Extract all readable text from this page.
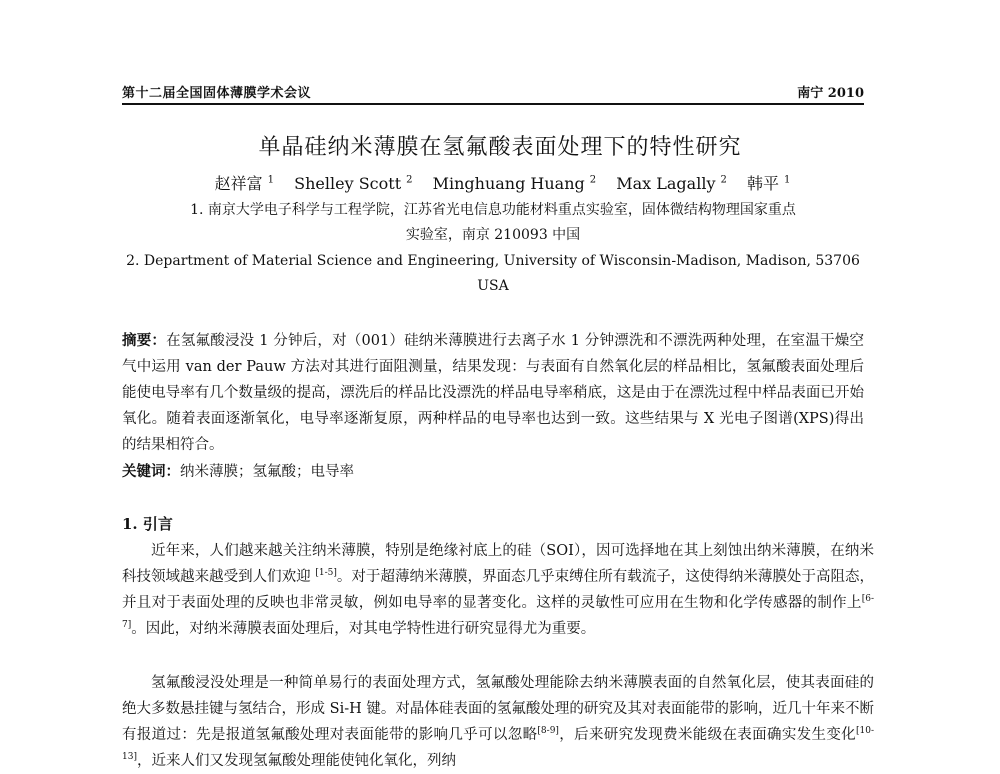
第十二届全国固体薄膜学术会议	南宁 2010
单晶硅纳米薄膜在氢氟酸表面处理下的特性研究
赵祥富 $^1$ Shelley Scott $^2$ Minghuang Huang $^2$ Max Lagally $^2$ 韩平 $^1$
1. 南京大学电子科学与工程学院，江苏省光电信息功能材料重点实验室，固体微结构物理国家重点
实验室，南京 210093 中国
2. Department of Material Science and Engineering, University of Wisconsin-Madison, Madison, 53706
USA
摘要：在氢氟酸浸没 1 分钟后，对（001）硅纳米薄膜进行去离子水 1 分钟漂洗和不漂洗两种处理，在室温干燥空气中运用 van der Pauw 方法对其进行面阻测量，结果发现：与表面有自然氧化层的样品相比，氢氟酸表面处理后能使电导率有几个数量级的提高，漂洗后的样品比没漂洗的样品电导率稍底，这是由于在漂洗过程中样品表面已开始氧化。随着表面逐渐氧化，电导率逐渐复原，两种样品的电导率也达到一致。这些结果与 X 光电子图谱(XPS)得出的结果相符合。
关键词：纳米薄膜；氢氟酸；电导率
1. 引言

近年来，人们越来越关注纳米薄膜，特别是绝缘衬底上的硅（SOI），因可选择地在其上刻蚀出纳米薄膜，在纳米科技领域越来越受到人们欢迎 [1-5]。对于超薄纳米薄膜，界面态几乎束缚住所有载流子，这使得纳米薄膜处于高阻态，并且对于表面处理的反映也非常灵敏，例如电导率的显著变化。这样的灵敏性可应用在生物和化学传感器的制作上[6-7]。因此，对纳米薄膜表面处理后，对其电学特性进行研究显得尤为重要。

氢氟酸浸没处理是一种简单易行的表面处理方式，氢氟酸处理能除去纳米薄膜表面的自然氧化层，使其表面硅的绝大多数悬挂键与氢结合，形成 Si-H 键。对晶体硅表面的氢氟酸处理的研究及其对表面能带的影响，近几十年来不断有报道过：先是报道氢氟酸处理对表面能带的影响几乎可以忽略[8-9]，后来研究发现费米能级在表面确实发生变化[10-13]，近来人们又发现氢氟酸处理能使钝化氧化，列纳
